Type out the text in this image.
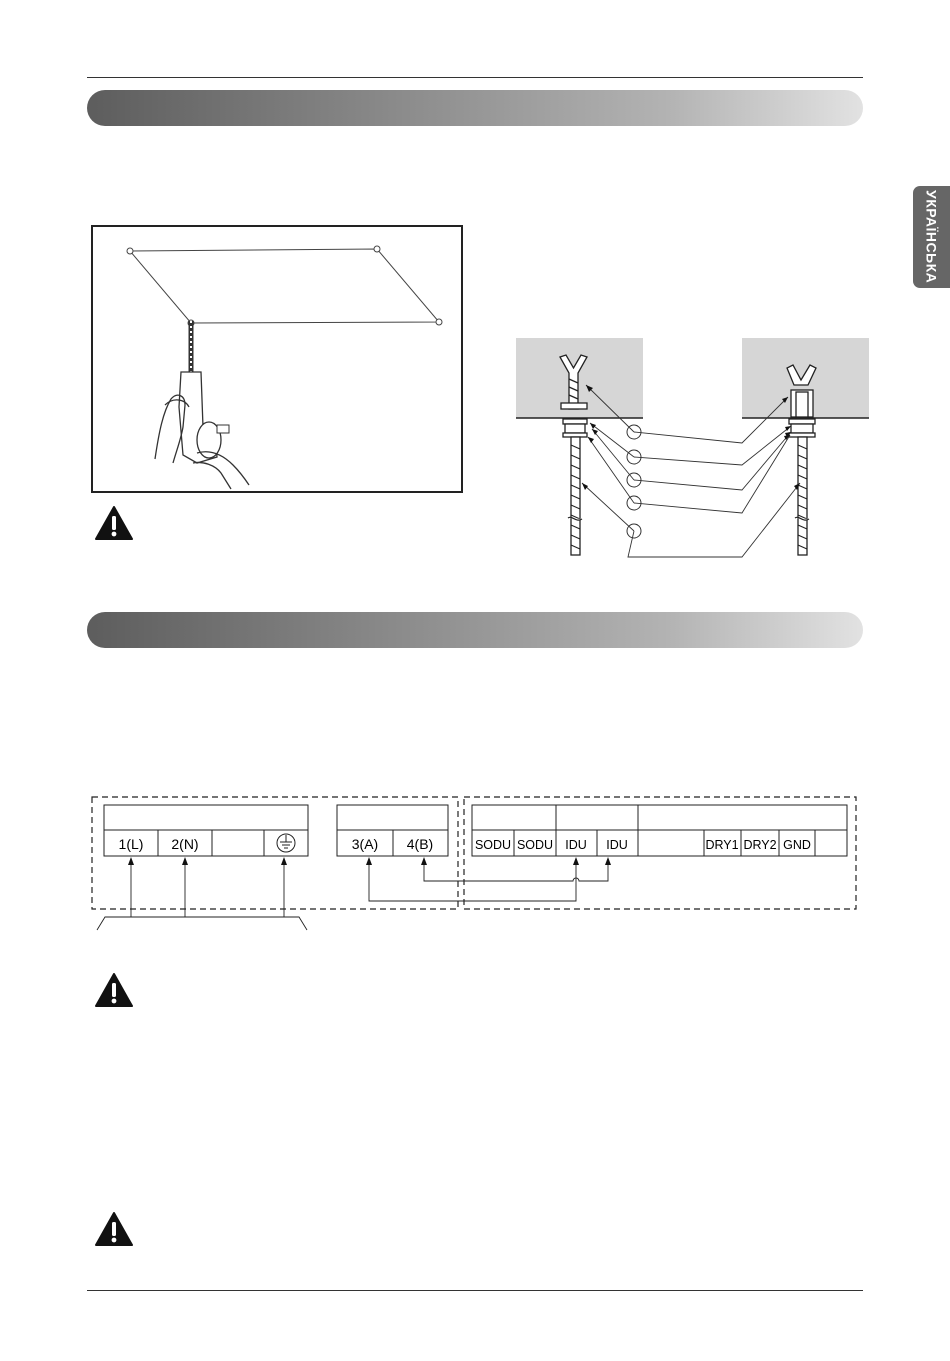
УКРАЇНСЬКА
1(L) 2(N)	3(A) 4(B)	SODU SODU IDU IDU	DRY1 DRY2 GND
